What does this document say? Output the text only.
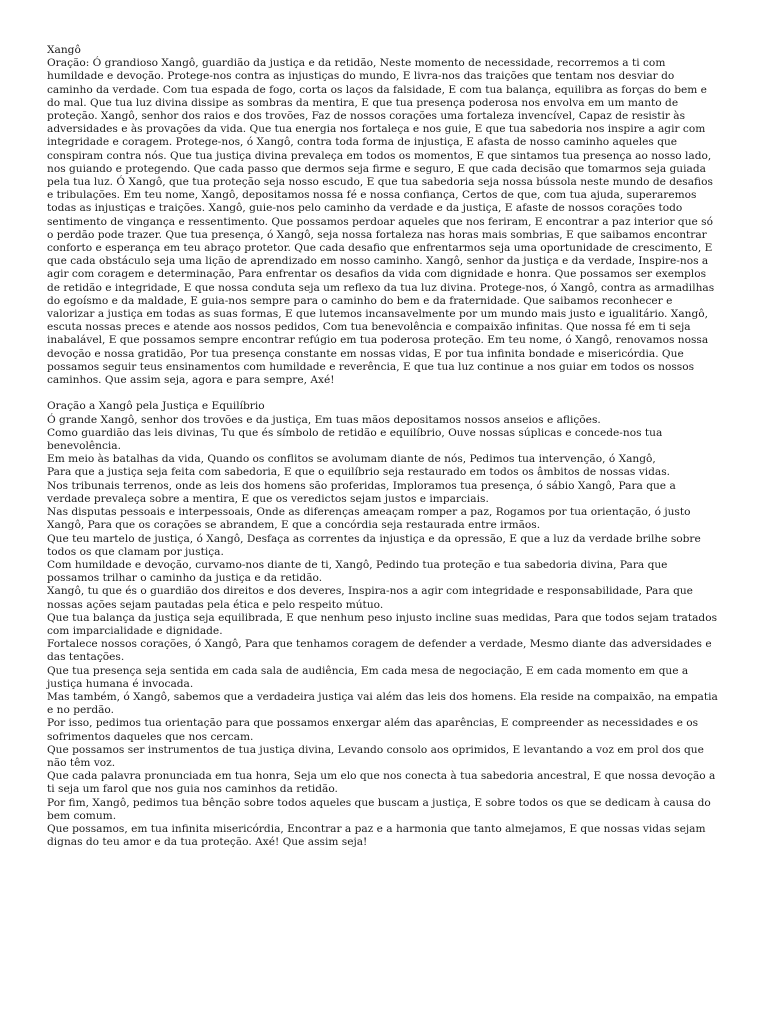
Xangô
Oração: Ó grandioso Xangô, guardião da justiça e da retidão, Neste momento de necessidade, recorremos a ti com humildade e devoção. Protege-nos contra as injustiças do mundo, E livra-nos das traições que tentam nos desviar do caminho da verdade. Com tua espada de fogo, corta os laços da falsidade, E com tua balança, equilibra as forças do bem e do mal. Que tua luz divina dissipe as sombras da mentira, E que tua presença poderosa nos envolva em um manto de proteção. Xangô, senhor dos raios e dos trovões, Faz de nossos corações uma fortaleza invencível, Capaz de resistir às adversidades e às provações da vida. Que tua energia nos fortaleça e nos guie, E que tua sabedoria nos inspire a agir com integridade e coragem. Protege-nos, ó Xangô, contra toda forma de injustiça, E afasta de nosso caminho aqueles que conspiram contra nós. Que tua justiça divina prevaleça em todos os momentos, E que sintamos tua presença ao nosso lado, nos guiando e protegendo. Que cada passo que dermos seja firme e seguro, E que cada decisão que tomarmos seja guiada pela tua luz. Ó Xangô, que tua proteção seja nosso escudo, E que tua sabedoria seja nossa bússola neste mundo de desafios e tribulações. Em teu nome, Xangô, depositamos nossa fé e nossa confiança, Certos de que, com tua ajuda, superaremos todas as injustiças e traições. Xangô, guie-nos pelo caminho da verdade e da justiça, E afaste de nossos corações todo sentimento de vingança e ressentimento. Que possamos perdoar aqueles que nos feriram, E encontrar a paz interior que só o perdão pode trazer. Que tua presença, ó Xangô, seja nossa fortaleza nas horas mais sombrias, E que saibamos encontrar conforto e esperança em teu abraço protetor. Que cada desafio que enfrentarmos seja uma oportunidade de crescimento, E que cada obstáculo seja uma lição de aprendizado em nosso caminho. Xangô, senhor da justiça e da verdade, Inspire-nos a agir com coragem e determinação, Para enfrentar os desafios da vida com dignidade e honra. Que possamos ser exemplos de retidão e integridade, E que nossa conduta seja um reflexo da tua luz divina. Protege-nos, ó Xangô, contra as armadilhas do egoísmo e da maldade, E guia-nos sempre para o caminho do bem e da fraternidade. Que saibamos reconhecer e valorizar a justiça em todas as suas formas, E que lutemos incansavelmente por um mundo mais justo e igualitário. Xangô, escuta nossas preces e atende aos nossos pedidos, Com tua benevolência e compaixão infinitas. Que nossa fé em ti seja inabalável, E que possamos sempre encontrar refúgio em tua poderosa proteção. Em teu nome, ó Xangô, renovamos nossa devoção e nossa gratidão, Por tua presença constante em nossas vidas, E por tua infinita bondade e misericórdia. Que possamos seguir teus ensinamentos com humildade e reverência, E que tua luz continue a nos guiar em todos os nossos caminhos. Que assim seja, agora e para sempre, Axé!
Oração a Xangô pela Justiça e Equilíbrio
Ó grande Xangô, senhor dos trovões e da justiça, Em tuas mãos depositamos nossos anseios e aflições.
Como guardião das leis divinas, Tu que és símbolo de retidão e equilíbrio, Ouve nossas súplicas e concede-nos tua benevolência.
Em meio às batalhas da vida, Quando os conflitos se avolumam diante de nós, Pedimos tua intervenção, ó Xangô,
Para que a justiça seja feita com sabedoria, E que o equilíbrio seja restaurado em todos os âmbitos de nossas vidas.
Nos tribunais terrenos, onde as leis dos homens são proferidas, Imploramos tua presença, ó sábio Xangô, Para que a verdade prevaleça sobre a mentira, E que os veredictos sejam justos e imparciais.
Nas disputas pessoais e interpessoais, Onde as diferenças ameaçam romper a paz, Rogamos por tua orientação, ó justo Xangô, Para que os corações se abrandem, E que a concórdia seja restaurada entre irmãos.
Que teu martelo de justiça, ó Xangô, Desfaça as correntes da injustiça e da opressão, E que a luz da verdade brilhe sobre todos os que clamam por justiça.
Com humildade e devoção, curvamo-nos diante de ti, Xangô, Pedindo tua proteção e tua sabedoria divina, Para que possamos trilhar o caminho da justiça e da retidão.
Xangô, tu que és o guardião dos direitos e dos deveres, Inspira-nos a agir com integridade e responsabilidade, Para que nossas ações sejam pautadas pela ética e pelo respeito mútuo.
Que tua balança da justiça seja equilibrada, E que nenhum peso injusto incline suas medidas, Para que todos sejam tratados com imparcialidade e dignidade.
Fortalece nossos corações, ó Xangô, Para que tenhamos coragem de defender a verdade, Mesmo diante das adversidades e das tentações.
Que tua presença seja sentida em cada sala de audiência, Em cada mesa de negociação, E em cada momento em que a justiça humana é invocada.
Mas também, ó Xangô, sabemos que a verdadeira justiça vai além das leis dos homens. Ela reside na compaixão, na empatia e no perdão.
Por isso, pedimos tua orientação para que possamos enxergar além das aparências, E compreender as necessidades e os sofrimentos daqueles que nos cercam.
Que possamos ser instrumentos de tua justiça divina, Levando consolo aos oprimidos, E levantando a voz em prol dos que não têm voz.
Que cada palavra pronunciada em tua honra, Seja um elo que nos conecta à tua sabedoria ancestral, E que nossa devoção a ti seja um farol que nos guia nos caminhos da retidão.
Por fim, Xangô, pedimos tua bênção sobre todos aqueles que buscam a justiça, E sobre todos os que se dedicam à causa do bem comum.
Que possamos, em tua infinita misericórdia, Encontrar a paz e a harmonia que tanto almejamos, E que nossas vidas sejam dignas do teu amor e da tua proteção. Axé! Que assim seja!
